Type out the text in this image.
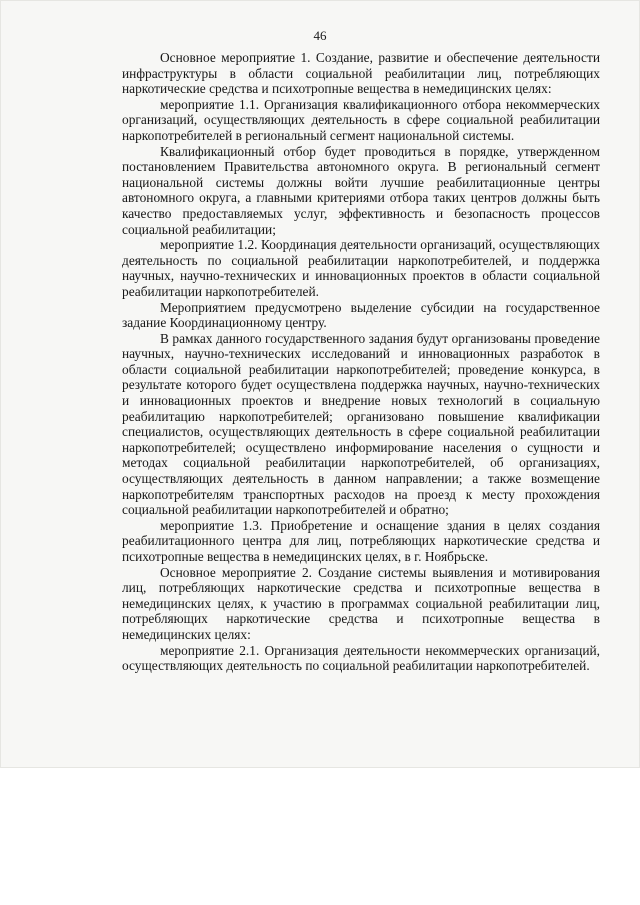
46

Основное мероприятие 1. Создание, развитие и обеспечение деятельности инфраструктуры в области социальной реабилитации лиц, потребляющих наркотические средства и психотропные вещества в немедицинских целях:

мероприятие 1.1. Организация квалификационного отбора некоммерческих организаций, осуществляющих деятельность в сфере социальной реабилитации наркопотребителей в региональный сегмент национальной системы.

Квалификационный отбор будет проводиться в порядке, утвержденном постановлением Правительства автономного округа. В региональный сегмент национальной системы должны войти лучшие реабилитационные центры автономного округа, а главными критериями отбора таких центров должны быть качество предоставляемых услуг, эффективность и безопасность процессов социальной реабилитации;

мероприятие 1.2. Координация деятельности организаций, осуществляющих деятельность по социальной реабилитации наркопотребителей, и поддержка научных, научно-технических и инновационных проектов в области социальной реабилитации наркопотребителей.

Мероприятием предусмотрено выделение субсидии на государственное задание Координационному центру.

В рамках данного государственного задания будут организованы проведение научных, научно-технических исследований и инновационных разработок в области социальной реабилитации наркопотребителей; проведение конкурса, в результате которого будет осуществлена поддержка научных, научно-технических и инновационных проектов и внедрение новых технологий в социальную реабилитацию наркопотребителей; организовано повышение квалификации специалистов, осуществляющих деятельность в сфере социальной реабилитации наркопотребителей; осуществлено информирование населения о сущности и методах социальной реабилитации наркопотребителей, об организациях, осуществляющих деятельность в данном направлении; а также возмещение наркопотребителям транспортных расходов на проезд к месту прохождения социальной реабилитации наркопотребителей и обратно;

мероприятие 1.3. Приобретение и оснащение здания в целях создания реабилитационного центра для лиц, потребляющих наркотические средства и психотропные вещества в немедицинских целях, в г. Ноябрьске.

Основное мероприятие 2. Создание системы выявления и мотивирования лиц, потребляющих наркотические средства и психотропные вещества в немедицинских целях, к участию в программах социальной реабилитации лиц, потребляющих наркотические средства и психотропные вещества в немедицинских целях:

мероприятие 2.1. Организация деятельности некоммерческих организаций, осуществляющих деятельность по социальной реабилитации наркопотребителей.
